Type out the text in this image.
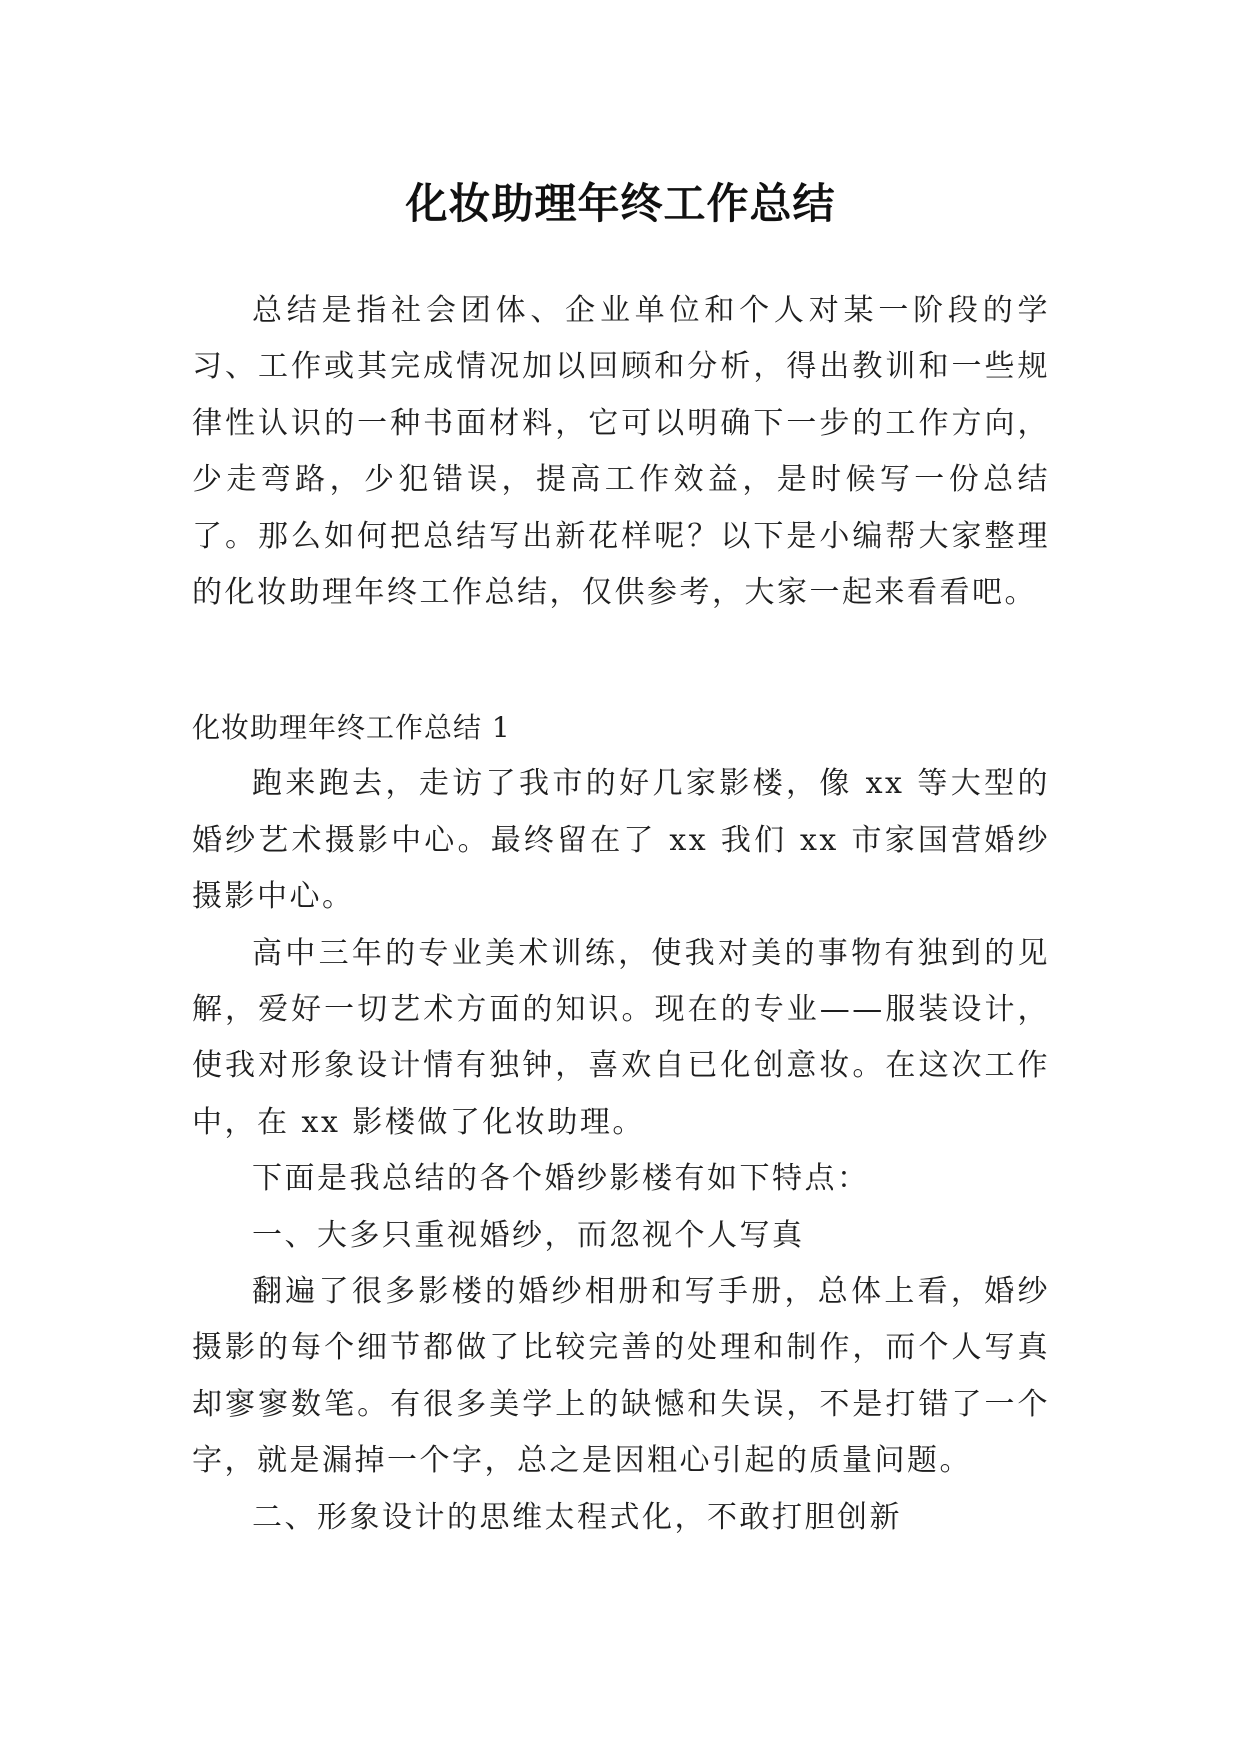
化妆助理年终工作总结

总结是指社会团体、企业单位和个人对某一阶段的学习、工作或其完成情况加以回顾和分析，得出教训和一些规律性认识的一种书面材料，它可以明确下一步的工作方向，少走弯路，少犯错误，提高工作效益，是时候写一份总结了。那么如何把总结写出新花样呢？以下是小编帮大家整理的化妆助理年终工作总结，仅供参考，大家一起来看看吧。

化妆助理年终工作总结 1

跑来跑去，走访了我市的好几家影楼，像 xx 等大型的婚纱艺术摄影中心。最终留在了 xx 我们 xx 市家国营婚纱摄影中心。

高中三年的专业美术训练，使我对美的事物有独到的见解，爱好一切艺术方面的知识。现在的专业——服装设计，使我对形象设计情有独钟，喜欢自已化创意妆。在这次工作中，在 xx 影楼做了化妆助理。

下面是我总结的各个婚纱影楼有如下特点：

一、大多只重视婚纱，而忽视个人写真

翻遍了很多影楼的婚纱相册和写手册，总体上看，婚纱摄影的每个细节都做了比较完善的处理和制作，而个人写真却寥寥数笔。有很多美学上的缺憾和失误，不是打错了一个字，就是漏掉一个字，总之是因粗心引起的质量问题。

二、形象设计的思维太程式化，不敢打胆创新
